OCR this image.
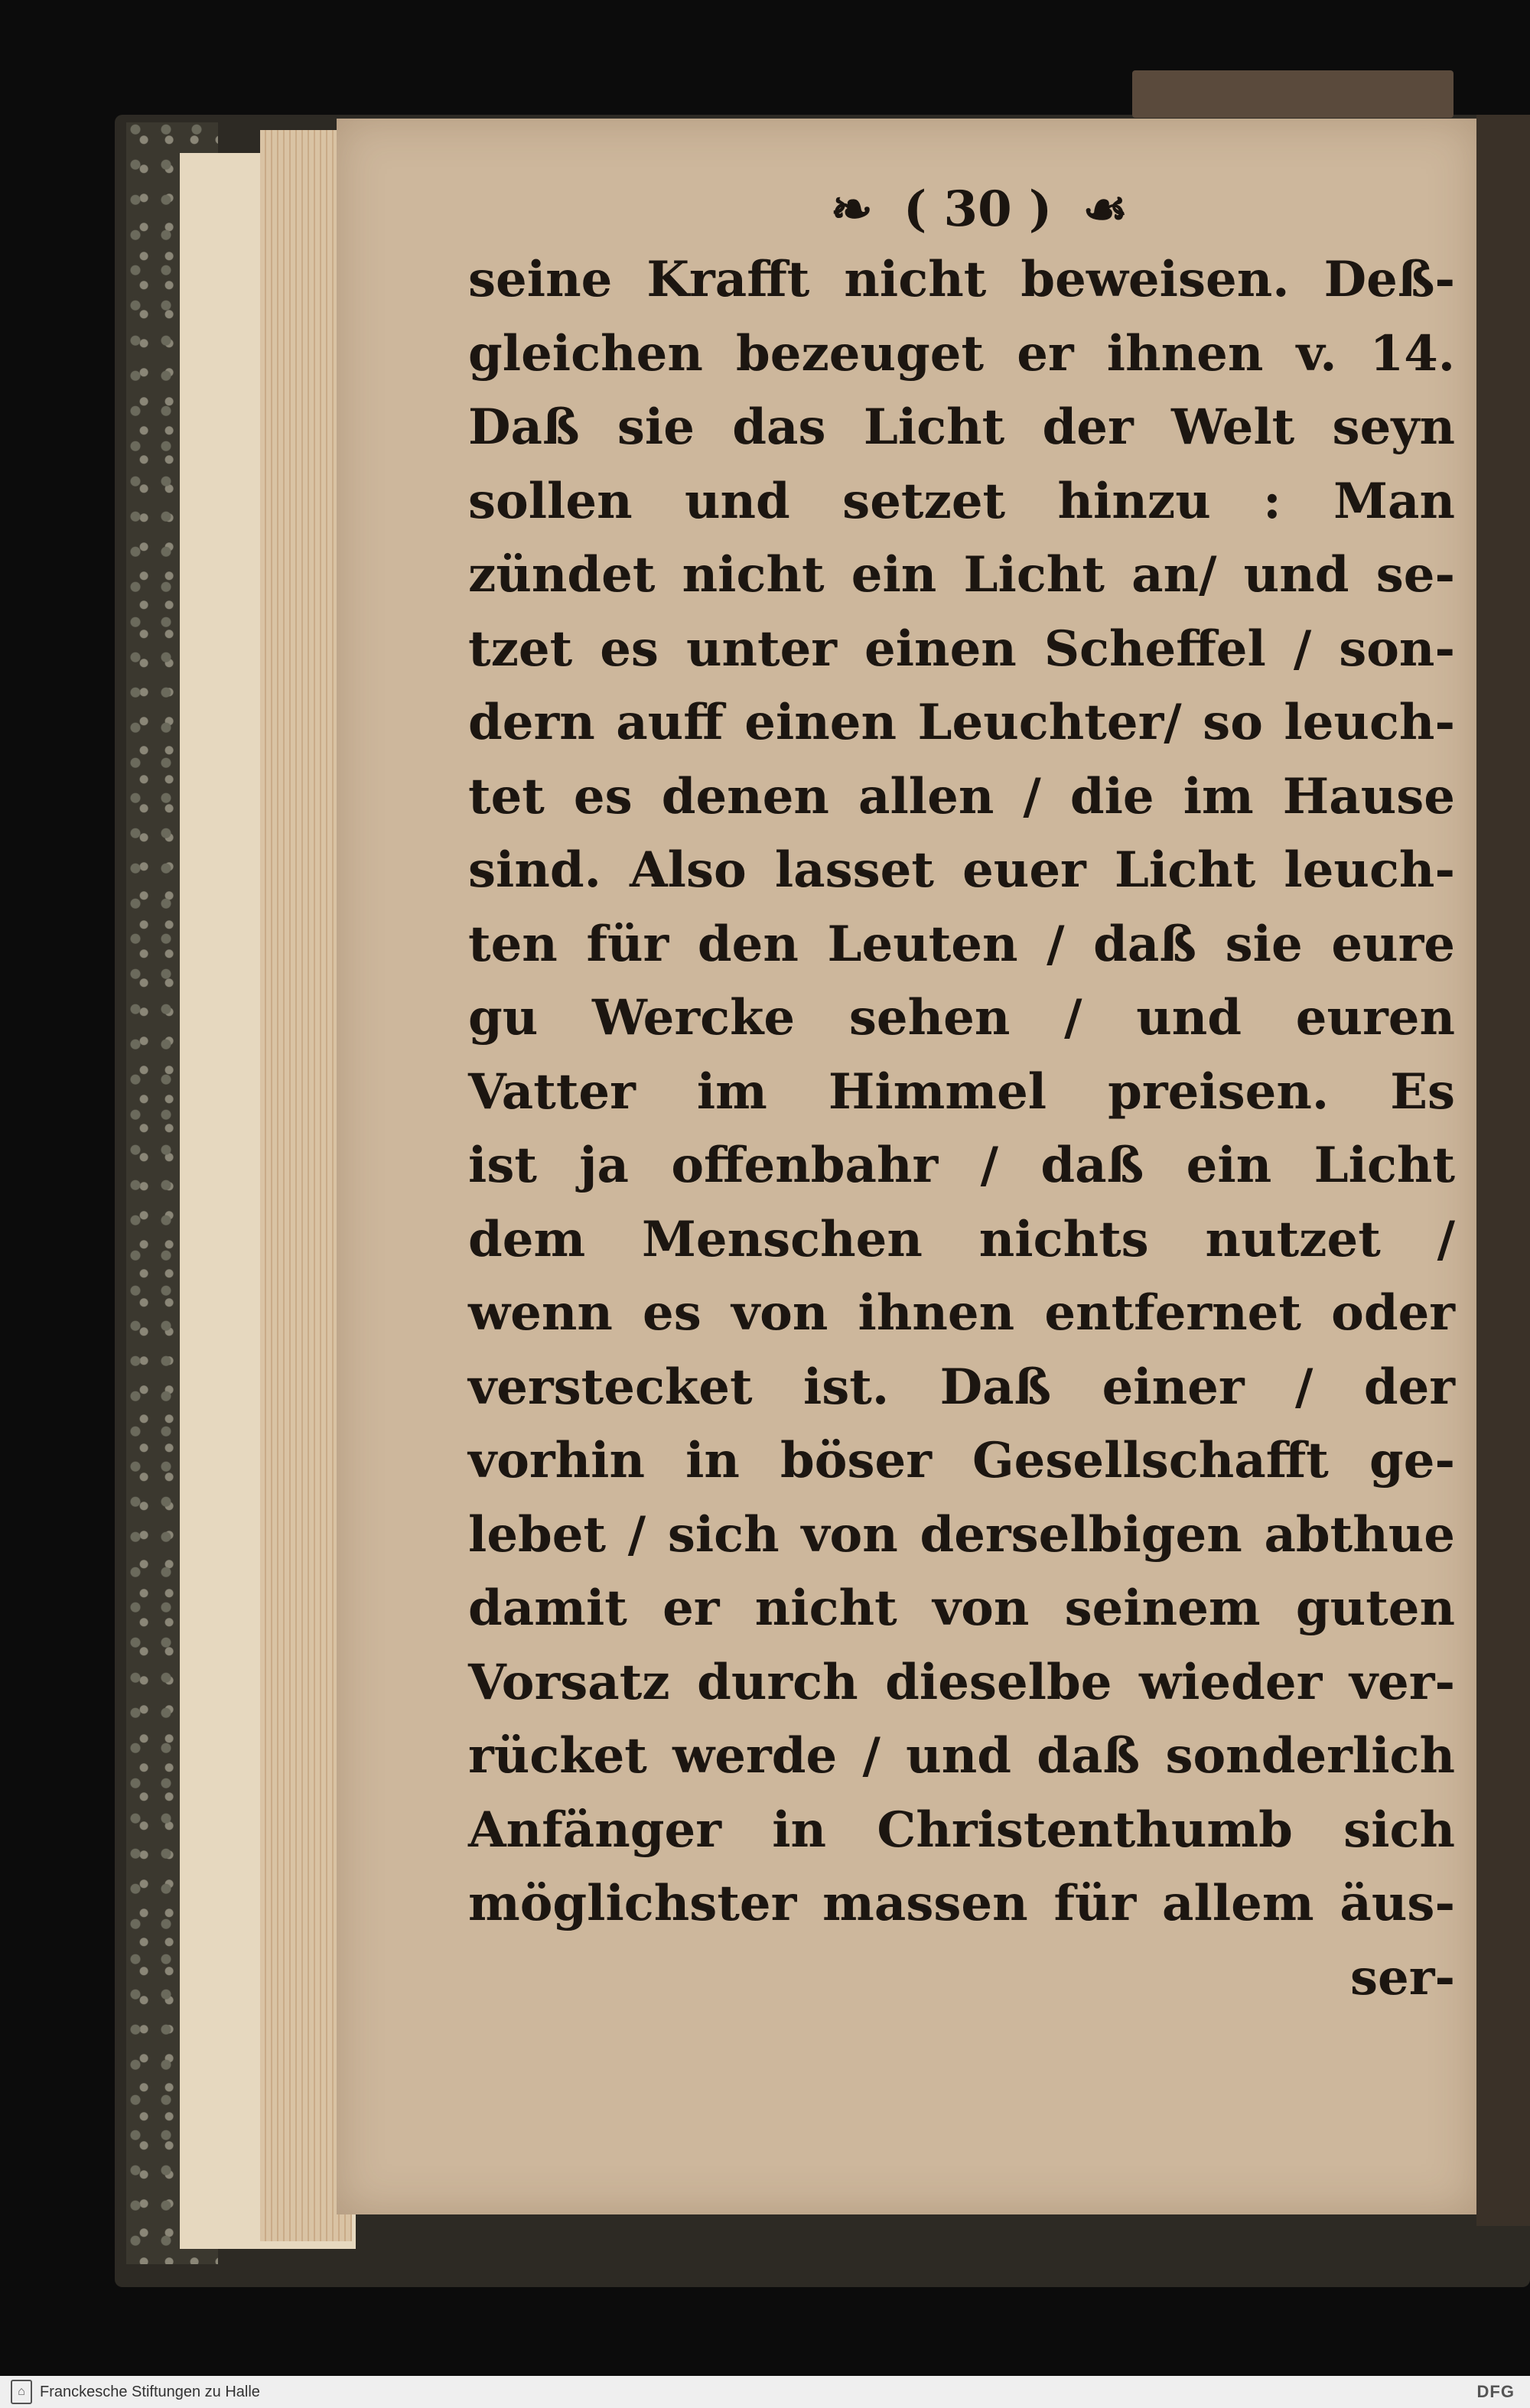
❧ ( 30 ) ☙
seine Krafft nicht beweisen. Deß-
gleichen bezeuget er ihnen v. 14.
Daß sie das Licht der Welt seyn
sollen und setzet hinzu : Man
zündet nicht ein Licht an/ und se-
tzet es unter einen Scheffel / son-
dern auff einen Leuchter/ so leuch-
tet es denen allen / die im Hause
sind. Also lasset euer Licht leuch-
ten für den Leuten / daß sie eure
gu Wercke sehen / und euren
Vatter im Himmel preisen. Es
ist ja offenbahr / daß ein Licht
dem Menschen nichts nutzet /
wenn es von ihnen entfernet oder
verstecket ist. Daß einer / der
vorhin in böser Gesellschafft ge-
lebet / sich von derselbigen abthue
damit er nicht von seinem guten
Vorsatz durch dieselbe wieder ver-
rücket werde / und daß sonderlich
Anfänger in Christenthumb sich
möglichster massen für allem äus-
ser-
⌂ Franckesche Stiftungen zu Halle	DFG
